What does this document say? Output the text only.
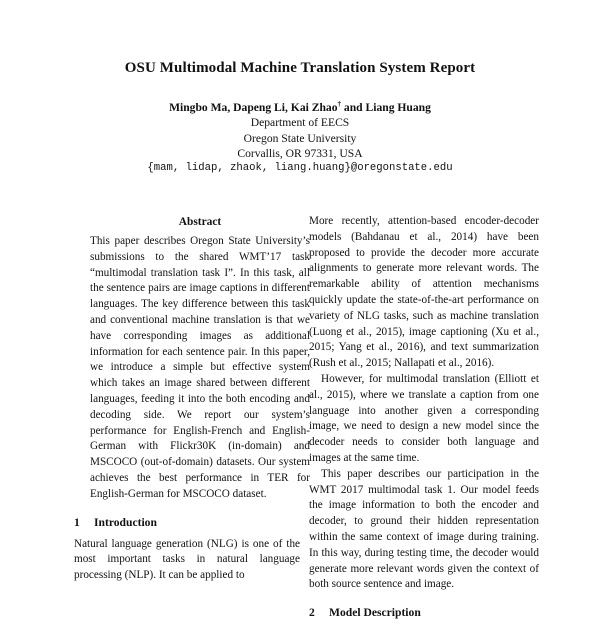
OSU Multimodal Machine Translation System Report
Mingbo Ma, Dapeng Li, Kai Zhao† and Liang Huang
Department of EECS
Oregon State University
Corvallis, OR 97331, USA
{mam, lidap, zhaok, liang.huang}@oregonstate.edu
Abstract

This paper describes Oregon State University’s submissions to the shared WMT’17 task “multimodal translation task I”. In this task, all the sentence pairs are image captions in different languages. The key difference between this task and conventional machine translation is that we have corresponding images as additional information for each sentence pair. In this paper, we introduce a simple but effective system which takes an image shared between different languages, feeding it into the both encoding and decoding side. We report our system’s performance for English-French and English-German with Flickr30K (in-domain) and MSCOCO (out-of-domain) datasets. Our system achieves the best performance in TER for English-German for MSCOCO dataset.

1 Introduction

Natural language generation (NLG) is one of the most important tasks in natural language processing (NLP). It can be applied to

More recently, attention-based encoder-decoder models (Bahdanau et al., 2014) have been proposed to provide the decoder more accurate alignments to generate more relevant words. The remarkable ability of attention mechanisms quickly update the state-of-the-art performance on variety of NLG tasks, such as machine translation (Luong et al., 2015), image captioning (Xu et al., 2015; Yang et al., 2016), and text summarization (Rush et al., 2015; Nallapati et al., 2016).

However, for multimodal translation (Elliott et al., 2015), where we translate a caption from one language into another given a corresponding image, we need to design a new model since the decoder needs to consider both language and images at the same time.

This paper describes our participation in the WMT 2017 multimodal task 1. Our model feeds the image information to both the encoder and decoder, to ground their hidden representation within the same context of image during training. In this way, during testing time, the decoder would generate more relevant words given the context of both source sentence and image.

2 Model Description
